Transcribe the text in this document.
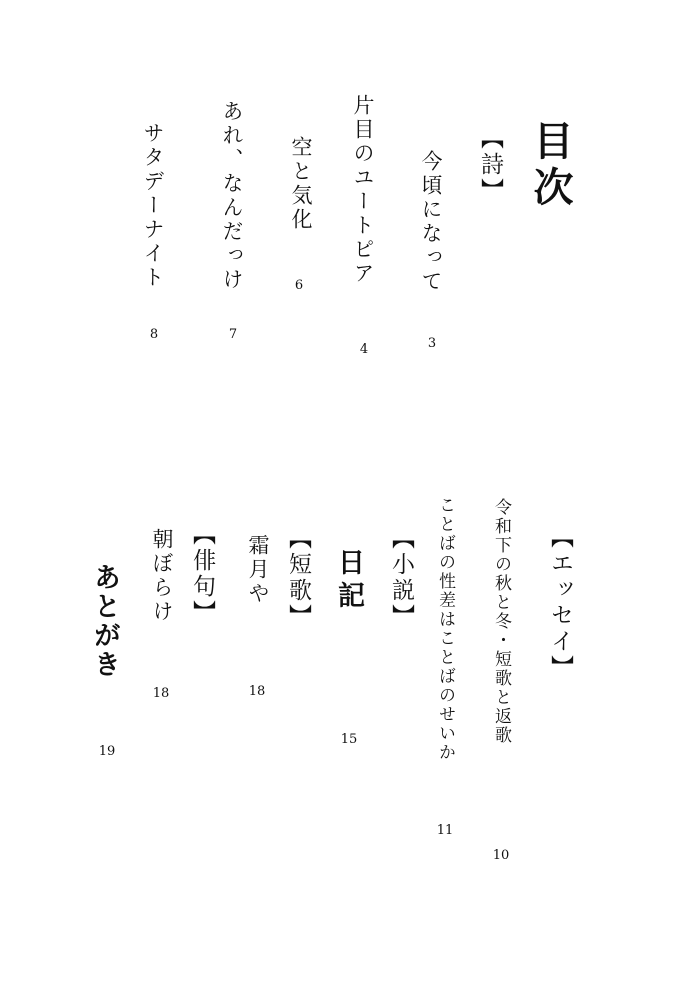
目次
【詩】
今頃になって
3
片目のユートピア
4
空と気化
6
あれ、なんだっけ
7
サタデーナイト
8
【エッセイ】
令和下の秋と冬・短歌と返歌
10
ことばの性差はことばのせいか
11
【小説】
日記
15
【短歌】
霜月や
18
【俳句】
朝ぼらけ
18
あとがき
19
